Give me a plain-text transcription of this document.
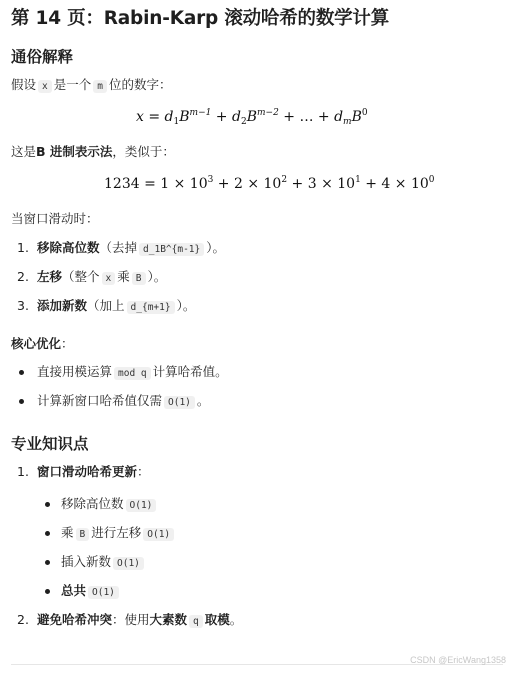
第 14 页：Rabin-Karp 滚动哈希的数学计算
通俗解释
假设 x 是一个 m 位的数字：
$x = d_1B^{m-1} + d_2B^{m-2}$ + … + $d_mB^0$
这是B 进制表示法，类似于：
$1234 = 1 \times 10^3 + 2 \times 10^2 + 3 \times 10^1 + 4 \times 10^0$
当窗口滑动时：
1. 移除高位数（去掉 d_1B^{m-1} ）。
2. 左移（整个 x 乘 B ）。
3. 添加新数（加上 d_{m+1} ）。
核心优化：
直接用模运算 mod q 计算哈希值。
计算新窗口哈希值仅需 O(1) 。
专业知识点
1. 窗口滑动哈希更新：
移除高位数 O(1)
乘 B 进行左移 O(1)
插入新数 O(1)
总共 O(1)
2. 避免哈希冲突：使用大素数 q 取模。
CSDN @EricWang1358
